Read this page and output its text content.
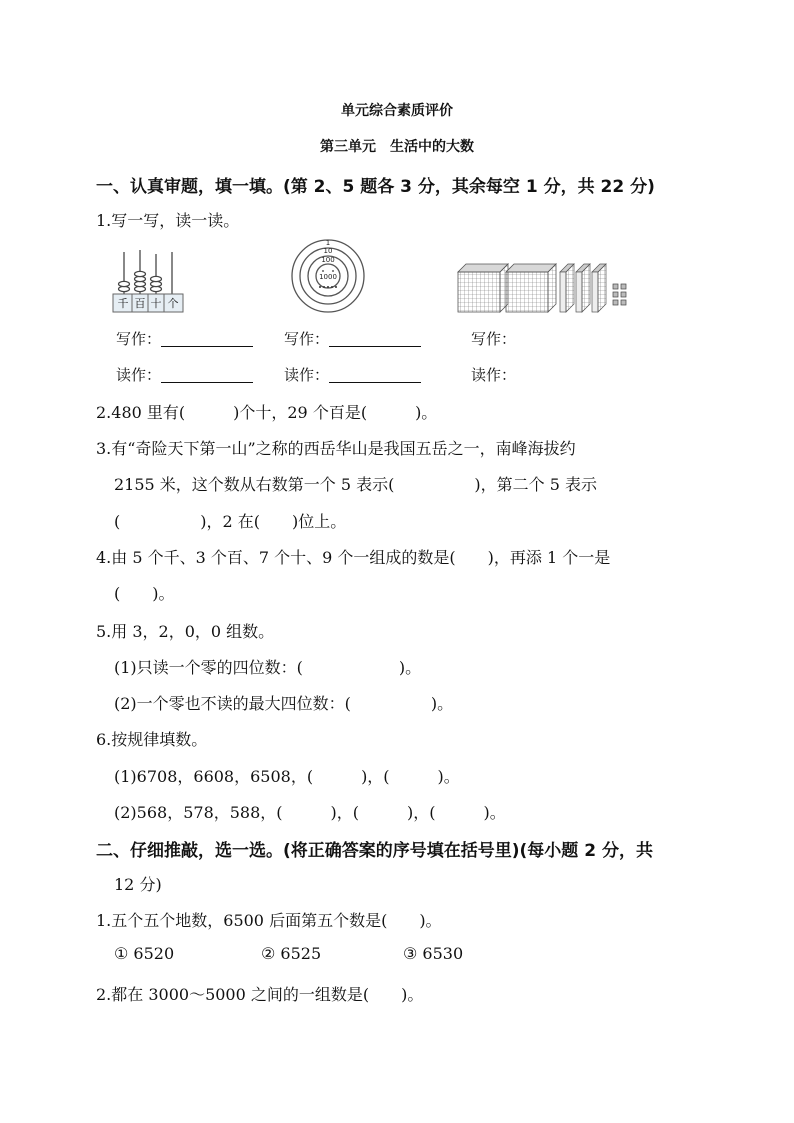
单元综合素质评价
第三单元　生活中的大数
一、认真审题，填一填。(第 2、5 题各 3 分，其余每空 1 分，共 22 分)
1.写一写，读一读。
千 百 十 个
1
10
100
1000
写作：	写作：	写作：
读作：	读作：	读作：
2.480 里有(　　　)个十，29 个百是(　　　)。
3.有“奇险天下第一山”之称的西岳华山是我国五岳之一，南峰海拔约
2155 米，这个数从右数第一个 5 表示(　　　　　)，第二个 5 表示
(　　　　　)，2 在(　　)位上。
4.由 5 个千、3 个百、7 个十、9 个一组成的数是(　　)，再添 1 个一是
(　　)。
5.用 3，2，0，0 组数。
(1)只读一个零的四位数：(　　　　　　)。
(2)一个零也不读的最大四位数：(　　　　　)。
6.按规律填数。
(1)6708，6608，6508，(　　　)，(　　　)。
(2)568，578，588，(　　　)，(　　　)，(　　　)。
二、仔细推敲，选一选。(将正确答案的序号填在括号里)(每小题 2 分，共
12 分)
1.五个五个地数，6500 后面第五个数是(　　)。
① 6520	② 6525	③ 6530
2.都在 3000～5000 之间的一组数是(　　)。
